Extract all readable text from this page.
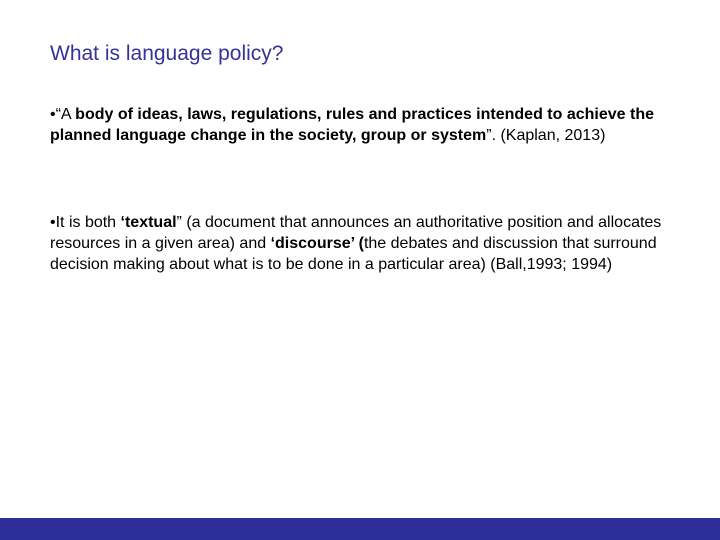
What is language policy?

•“A body of ideas, laws, regulations, rules and practices intended to achieve the planned language change in the society, group or system”. (Kaplan, 2013)

•It is both ‘textual” (a document that announces an authoritative position and allocates resources in a given area) and ‘discourse’ (the debates and discussion that surround decision making about what is to be done in a particular area) (Ball,1993; 1994)
